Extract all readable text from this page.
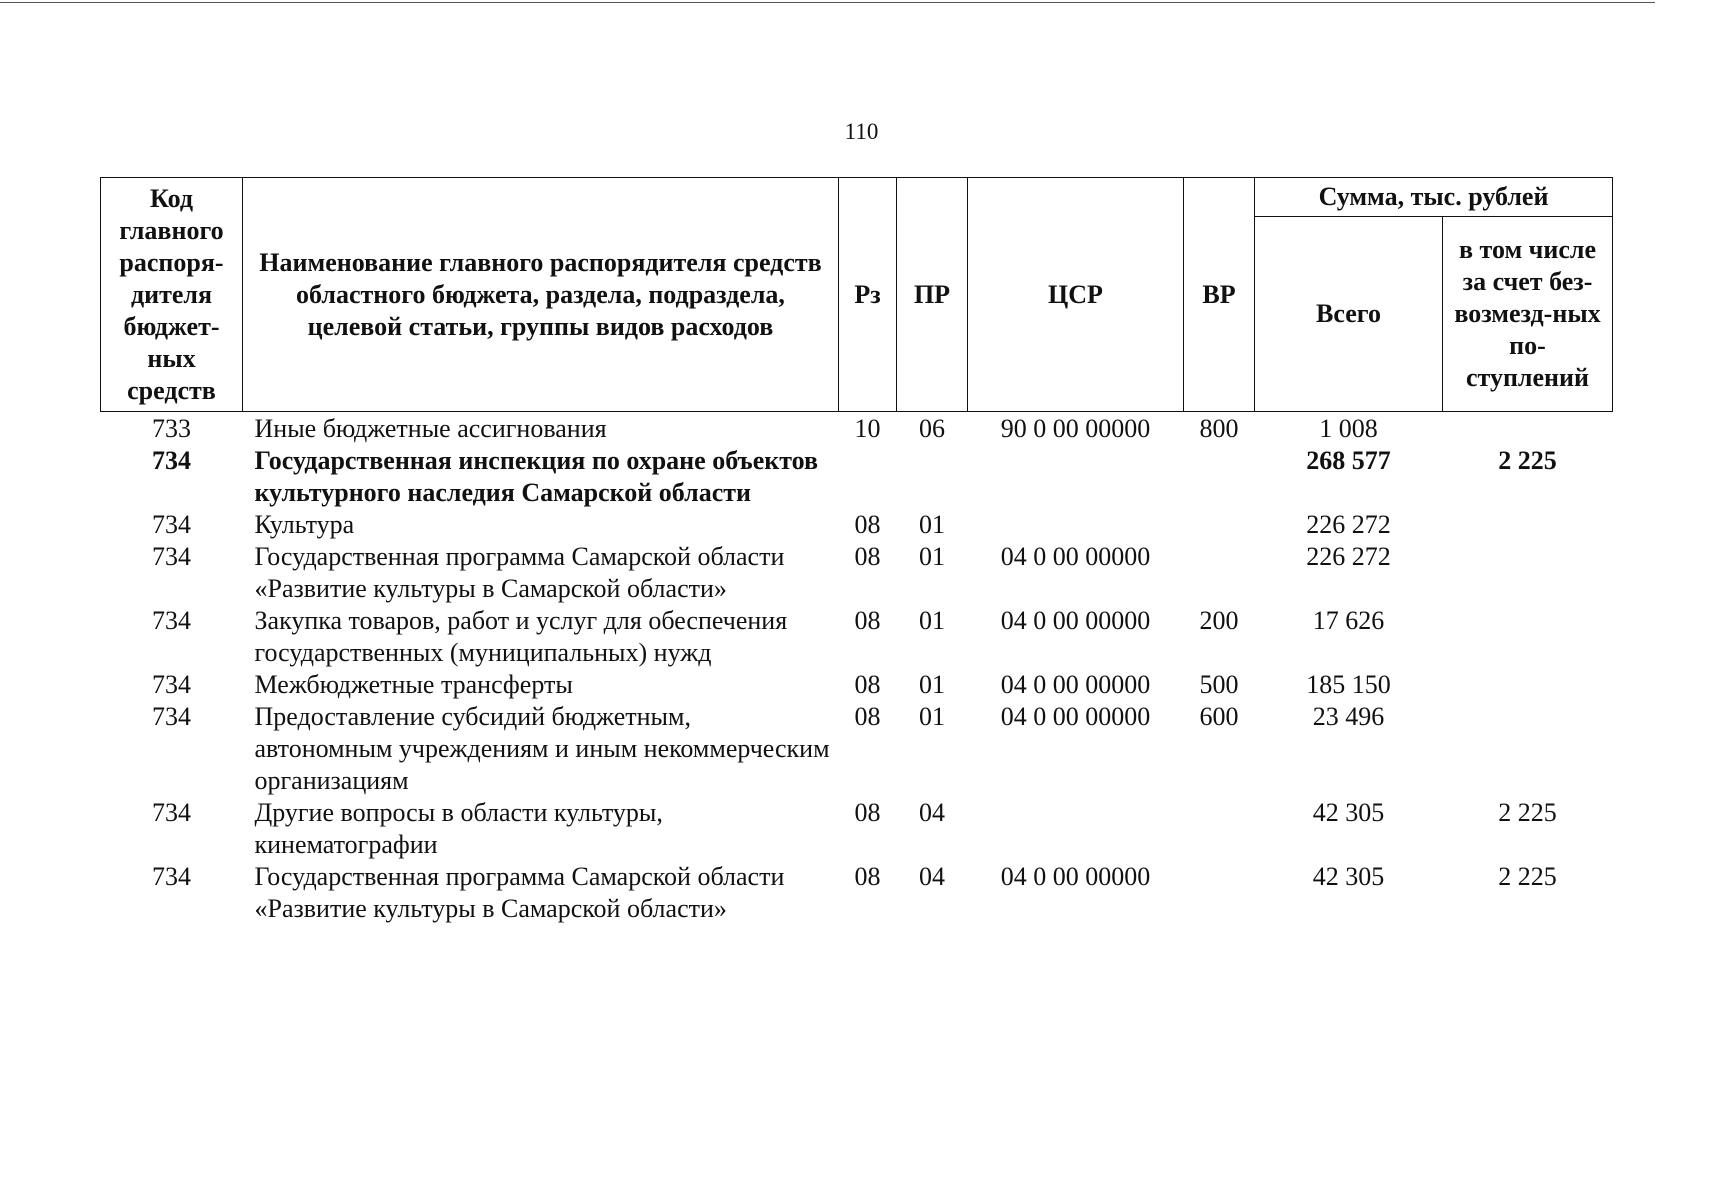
110
Код главного распоря-дителя бюджет-ных средств	Наименование главного распорядителя средств областного бюджета, раздела, подраздела, целевой статьи, группы видов расходов	Рз	ПР	ЦСР	ВР	Сумма, тыс. рублей	
						Всего	в том числе за счет без-возмезд-ных по-ступлений
733	Иные бюджетные ассигнования	10	06	90 0 00 00000	800	1 008	
734	Государственная инспекция по охране объектов культурного наследия Самарской области					268 577	2 225
734	Культура	08	01			226 272	
734	Государственная программа Самарской области «Развитие культуры в Самарской области»	08	01	04 0 00 00000		226 272	
734	Закупка товаров, работ и услуг для обеспечения государственных (муниципальных) нужд	08	01	04 0 00 00000	200	17 626	
734	Межбюджетные трансферты	08	01	04 0 00 00000	500	185 150	
734	Предоставление субсидий бюджетным, автономным учреждениям и иным некоммерческим организациям	08	01	04 0 00 00000	600	23 496	
734	Другие вопросы в области культуры, кинематографии	08	04			42 305	2 225
734	Государственная программа Самарской области «Развитие культуры в Самарской области»	08	04	04 0 00 00000		42 305	2 225
